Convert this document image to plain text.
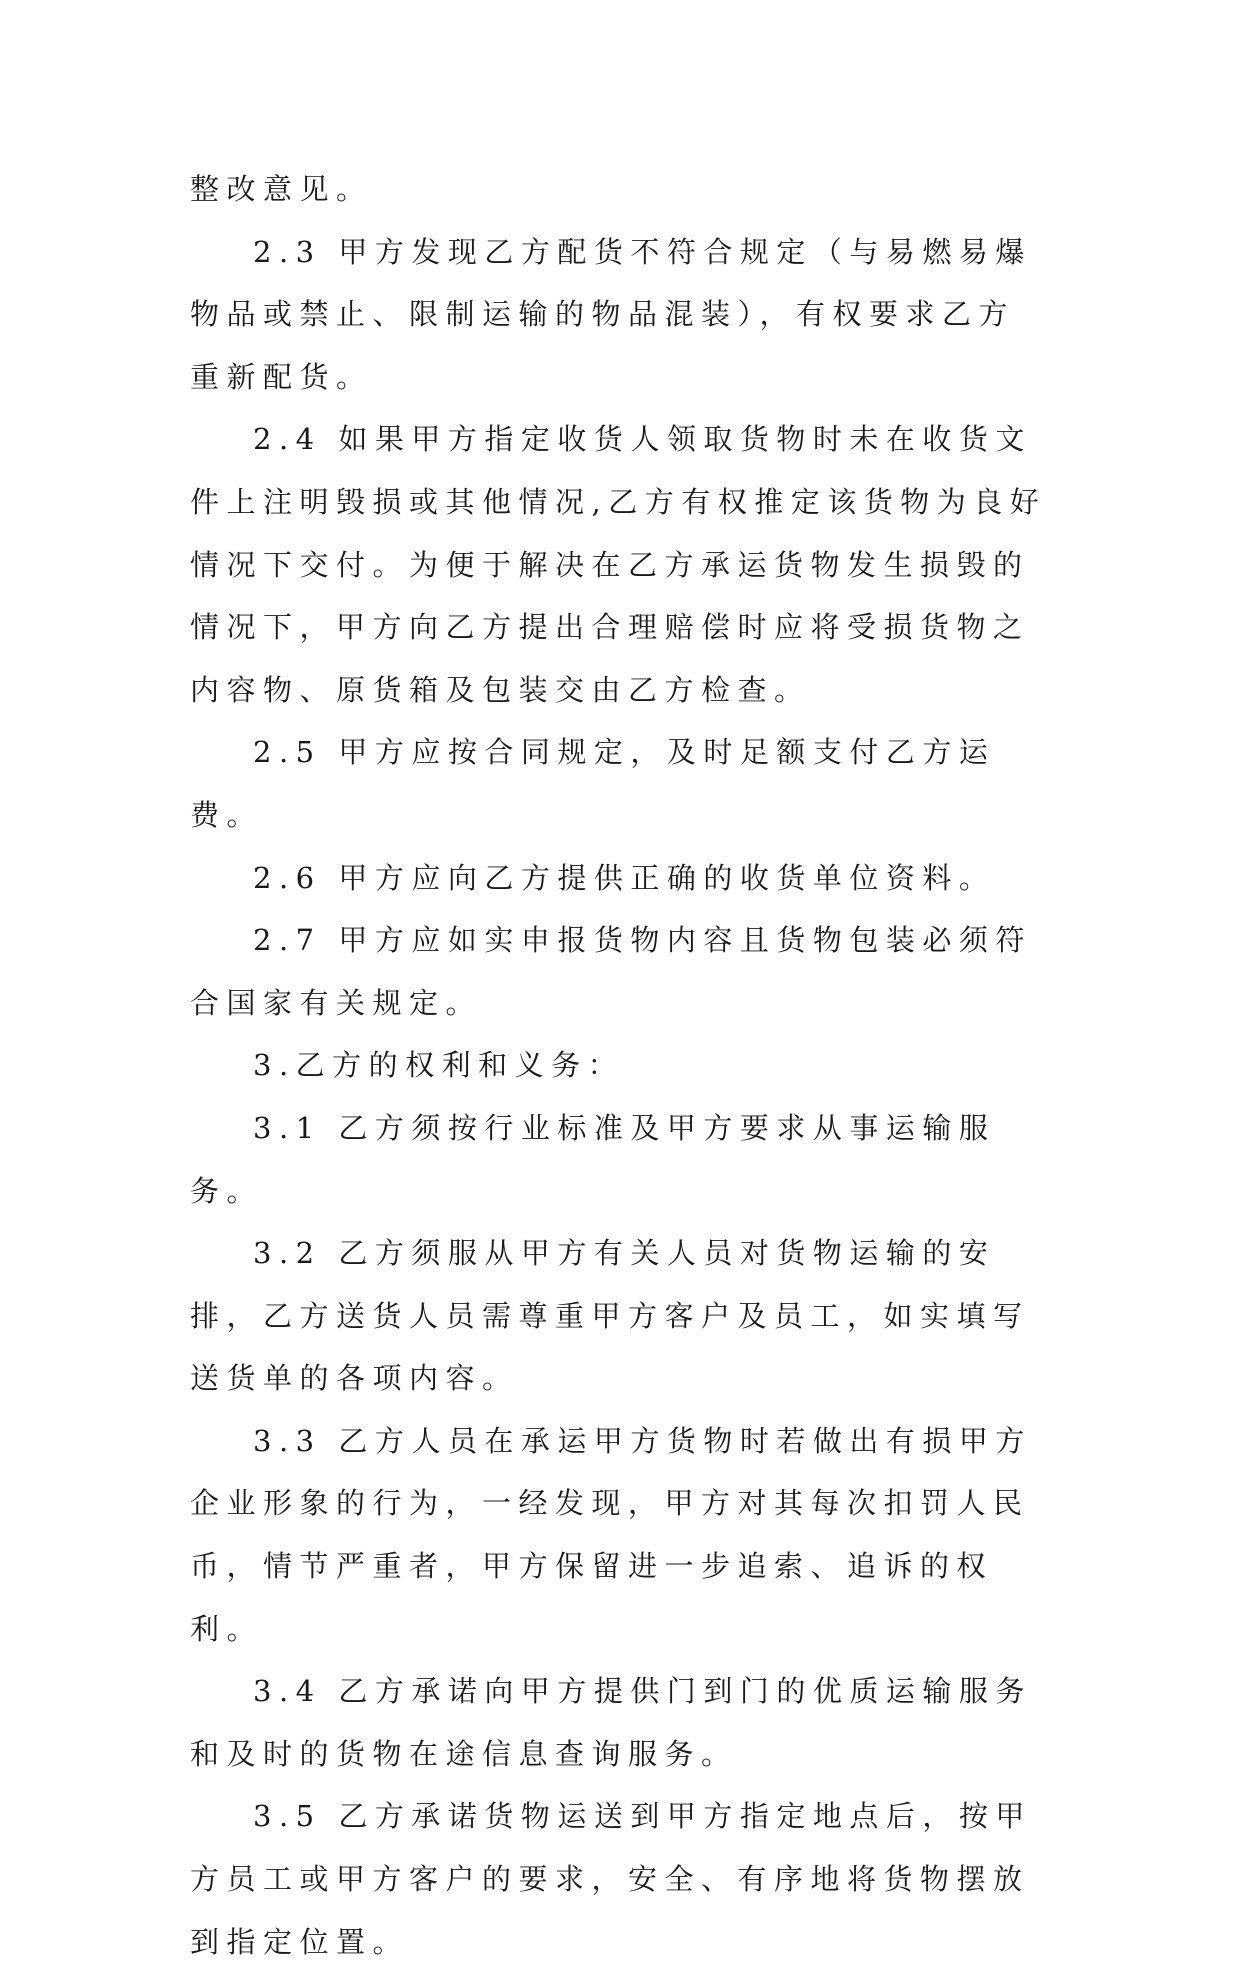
整改意见。

2.3 甲方发现乙方配货不符合规定（与易燃易爆物品或禁止、限制运输的物品混装），有权要求乙方重新配货。

2.4 如果甲方指定收货人领取货物时未在收货文件上注明毁损或其他情况,乙方有权推定该货物为良好情况下交付。为便于解决在乙方承运货物发生损毁的情况下，甲方向乙方提出合理赔偿时应将受损货物之内容物、原货箱及包装交由乙方检查。

2.5 甲方应按合同规定，及时足额支付乙方运费。

2.6 甲方应向乙方提供正确的收货单位资料。

2.7 甲方应如实申报货物内容且货物包装必须符合国家有关规定。

3.乙方的权利和义务：

3.1 乙方须按行业标准及甲方要求从事运输服务。

3.2 乙方须服从甲方有关人员对货物运输的安排，乙方送货人员需尊重甲方客户及员工，如实填写送货单的各项内容。

3.3 乙方人员在承运甲方货物时若做出有损甲方企业形象的行为，一经发现，甲方对其每次扣罚人民币，情节严重者，甲方保留进一步追索、追诉的权利。

3.4 乙方承诺向甲方提供门到门的优质运输服务和及时的货物在途信息查询服务。

3.5 乙方承诺货物运送到甲方指定地点后，按甲方员工或甲方客户的要求，安全、有序地将货物摆放到指定位置。
